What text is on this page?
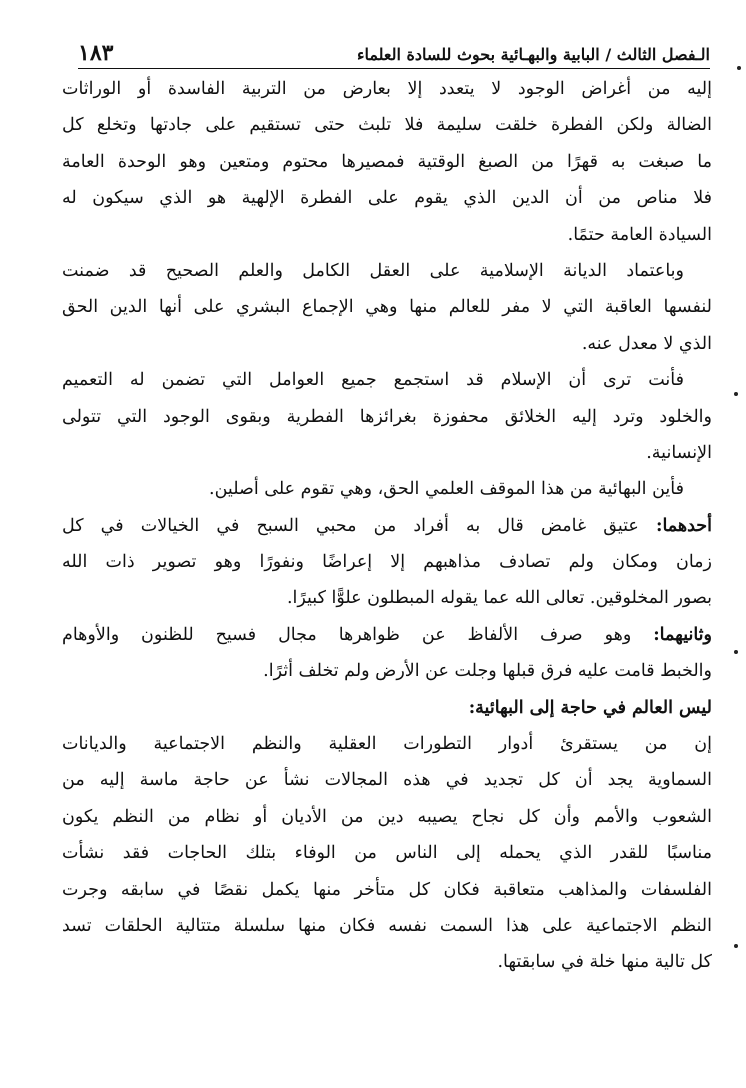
الـفصل الثالث / البابية والبهـائية بحوث للسادة العلماء
١٨٣
إليه من أغراض الوجود لا يتعدد إلا بعارض من التربية الفاسدة أو الوراثات
الضالة ولكن الفطرة خلقت سليمة فلا تلبث حتى تستقيم على جادتها وتخلع كل
ما صبغت به قهرًا من الصبغ الوقتية فمصيرها محتوم ومتعين وهو الوحدة العامة
فلا مناص من أن الدين الذي يقوم على الفطرة الإلهية هو الذي سيكون له
السيادة العامة حتمًا.
وباعتماد الديانة الإسلامية على العقل الكامل والعلم الصحيح قد ضمنت
لنفسها العاقبة التي لا مفر للعالم منها وهي الإجماع البشري على أنها الدين الحق
الذي لا معدل عنه.
فأنت ترى أن الإسلام قد استجمع جميع العوامل التي تضمن له التعميم
والخلود وترد إليه الخلائق محفوزة بغرائزها الفطرية وبقوى الوجود التي تتولى
الإنسانية.
فأين البهائية من هذا الموقف العلمي الحق، وهي تقوم على أصلين.
أحدهما: عتيق غامض قال به أفراد من محبي السبح في الخيالات في كل
زمان ومكان ولم تصادف مذاهبهم إلا إعراضًا ونفورًا وهو تصوير ذات الله
بصور المخلوقين. تعالى الله عما يقوله المبطلون علوًّا كبيرًا.
وثانيهما: وهو صرف الألفاظ عن ظواهرها مجال فسيح للظنون والأوهام
والخبط قامت عليه فرق قبلها وجلت عن الأرض ولم تخلف أثرًا.
ليس العالم في حاجة إلى البهائية:
إن من يستقرئ أدوار التطورات العقلية والنظم الاجتماعية والديانات
السماوية يجد أن كل تجديد في هذه المجالات نشأ عن حاجة ماسة إليه من
الشعوب والأمم وأن كل نجاح يصيبه دين من الأديان أو نظام من النظم يكون
مناسبًا للقدر الذي يحمله إلى الناس من الوفاء بتلك الحاجات فقد نشأت
الفلسفات والمذاهب متعاقبة فكان كل متأخر منها يكمل نقصًا في سابقه وجرت
النظم الاجتماعية على هذا السمت نفسه فكان منها سلسلة متتالية الحلقات تسد
كل تالية منها خلة في سابقتها.
